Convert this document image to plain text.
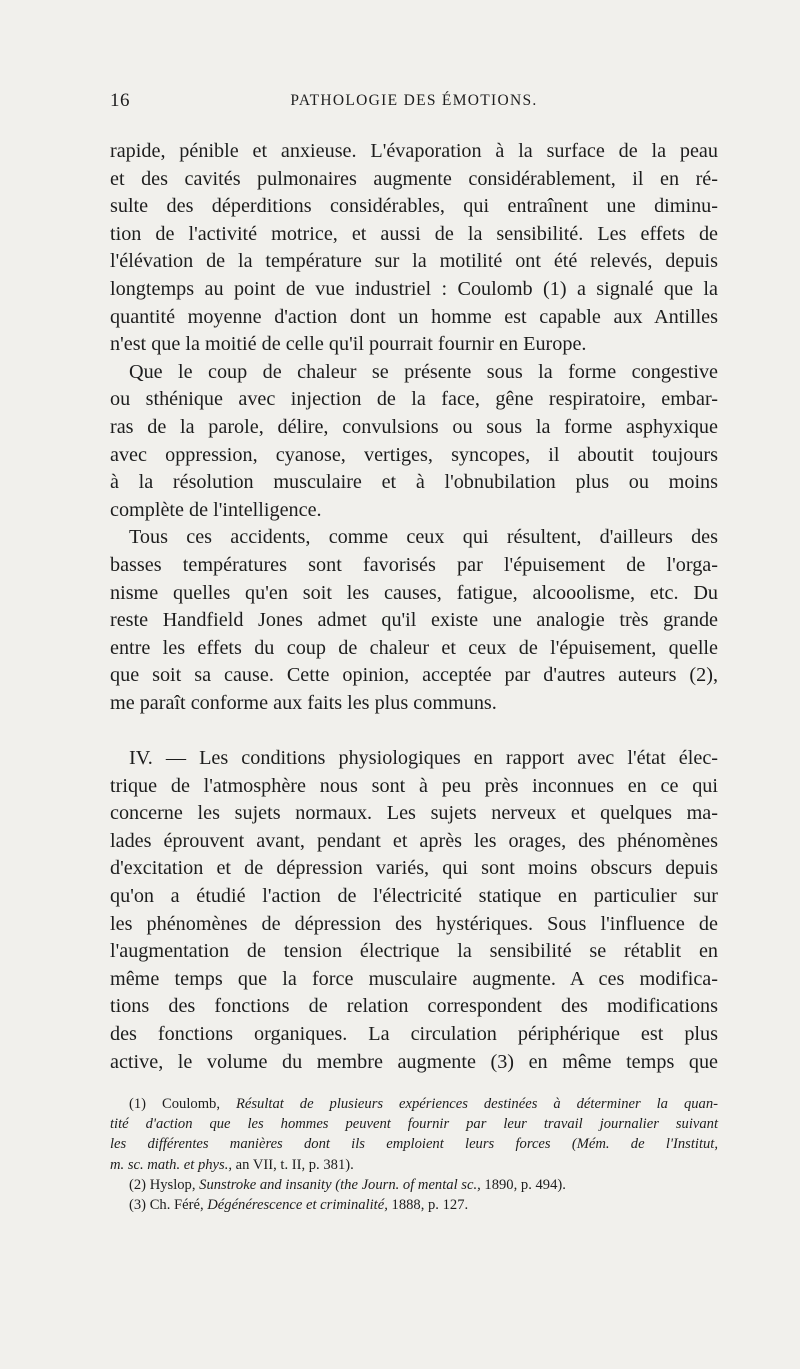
16	PATHOLOGIE DES ÉMOTIONS.
rapide, pénible et anxieuse. L'évaporation à la surface de la peau
et des cavités pulmonaires augmente considérablement, il en ré-
sulte des déperditions considérables, qui entraînent une diminu-
tion de l'activité motrice, et aussi de la sensibilité. Les effets de
l'élévation de la température sur la motilité ont été relevés, depuis
longtemps au point de vue industriel : Coulomb (1) a signalé que la
quantité moyenne d'action dont un homme est capable aux Antilles
n'est que la moitié de celle qu'il pourrait fournir en Europe.
Que le coup de chaleur se présente sous la forme congestive
ou sthénique avec injection de la face, gêne respiratoire, embar-
ras de la parole, délire, convulsions ou sous la forme asphyxique
avec oppression, cyanose, vertiges, syncopes, il aboutit toujours
à la résolution musculaire et à l'obnubilation plus ou moins
complète de l'intelligence.
Tous ces accidents, comme ceux qui résultent, d'ailleurs des
basses températures sont favorisés par l'épuisement de l'orga-
nisme quelles qu'en soit les causes, fatigue, alcooolisme, etc. Du
reste Handfield Jones admet qu'il existe une analogie très grande
entre les effets du coup de chaleur et ceux de l'épuisement, quelle
que soit sa cause. Cette opinion, acceptée par d'autres auteurs (2),
me paraît conforme aux faits les plus communs.
IV. — Les conditions physiologiques en rapport avec l'état élec-
trique de l'atmosphère nous sont à peu près inconnues en ce qui
concerne les sujets normaux. Les sujets nerveux et quelques ma-
lades éprouvent avant, pendant et après les orages, des phénomènes
d'excitation et de dépression variés, qui sont moins obscurs depuis
qu'on a étudié l'action de l'électricité statique en particulier sur
les phénomènes de dépression des hystériques. Sous l'influence de
l'augmentation de tension électrique la sensibilité se rétablit en
même temps que la force musculaire augmente. A ces modifica-
tions des fonctions de relation correspondent des modifications
des fonctions organiques. La circulation périphérique est plus
active, le volume du membre augmente (3) en même temps que
(1) Coulomb, Résultat de plusieurs expériences destinées à déterminer la quan-
tité d'action que les hommes peuvent fournir par leur travail journalier suivant
les différentes manières dont ils emploient leurs forces (Mém. de l'Institut,
m. sc. math. et phys., an VII, t. II, p. 381).
(2) Hyslop, Sunstroke and insanity (the Journ. of mental sc., 1890, p. 494).
(3) Ch. Féré, Dégénérescence et criminalité, 1888, p. 127.
